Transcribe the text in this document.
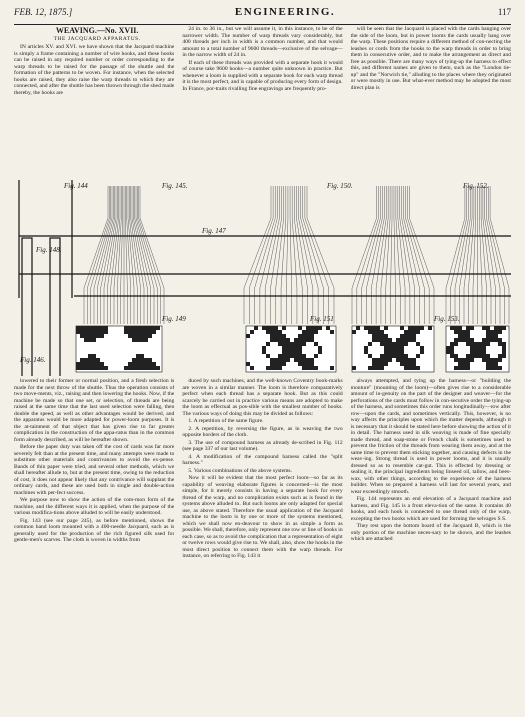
FEB. 12, 1875.]	ENGINEERING.	117

WEAVING.—No. XVII.

THE JACQUARD APPARATUS.

IN articles XV. and XVI. we have shown that the Jacquard machine is simply a frame containing a number of wire hooks, and these hooks can be raised in any required number or order corresponding to the warp threads to be raised for the passage of the shuttle and the formation of the patterns to be woven. For instance, when the selected hooks are raised, they also raise the warp threads to which they are connected, and after the shuttle has been thrown through the shed made thereby, the hooks are

24 in. to 36 in., but we will assume it, in this instance, to be of the narrower width. The number of warp threads vary considerably, but 400 threads per inch in width is a common number, and that would amount to a total number of 9600 threads—exclusive of the selvage—in the narrow width of 24 in.

If each of these threads was provided with a separate hook it would of course take 9600 hooks—a number quite unknown in practice. But whenever a loom is supplied with a separate hook for each warp thread it is the most perfect, and is capable of producing every form of design. In France, por-traits rivalling fine engravings are frequently pro-

will be seen that the Jacquard is placed with the cards hanging over the side of the loom, but in power looms the cards usually hang over the warp. These positions require a different method of con-necting the leashes or cords from the hooks to the warp threads in order to bring them in consecutive order, and to make the arrangement as direct and free as possible. There are many ways of tying-up the harness to effect this, and different names are given to them, such as the "London tie-up" and the "Norwich tie," alluding to the places where they originated or were mostly in use. But what-ever method may be adopted the most direct plan is

Fig. 144	Fig. 145.
Fig. 147
Fig. 148.
Fig. 146.
Fig. 150.	Fig. 152.
Fig. 149	Fig. 151	Fig. 153.

lowered to their former or normal position, and a fresh selection is made for the next throw of the shuttle. Thus the operation consists of two move-ments, viz., raising and then lowering the hooks. Now, if the machine be made so that one set, or selection, of threads are being raised at the same time that the last used selection were falling, then double the speed, as well as other advantages would be derived, and the apparatus would be more adapted for power-loom purposes. It is the at-tainment of that object that has given rise to far greater complication in the construction of the appa-ratus than in the common form already described, as will be hereafter shown.

Before the paper duty was taken off the cost of cards was far more severely felt than at the present time, and many attempts were made to substitute other materials and contrivances to avoid the ex-pense. Bands of thin paper were tried, and several other methods, which we shall hereafter allude to, but at the present time, owing to the reduction of cost, it does not appear likely that any contrivance will supplant the ordinary cards, and these are used both in single and double-action machines with per-fect success.

We purpose now to show the action of the com-mon form of the machine, and the different ways it is applied, when the purpose of the various modifica-tions above alluded to will be easily understood.

Fig. 143 (see our page 245), as before mentioned, shows the common hand loom mounted with a 400-needle Jacquard, such as is generally used for the production of the rich figured silk used for gentle-men's scarves. The cloth is woven in widths from

duced by such machines, and the well-known Coventry book-marks are woven in a similar manner. The loom is therefore comparatively perfect when each thread has a separate hook. But as this could scarcely be carried out in practice various means are adopted to make the loom as effectual as pos-sible with the smallest number of hooks. The various ways of doing this may be divided as follows:

1. A repetition of the same figure.

2. A repetition, by reversing the figure, as in weaving the two opposite borders of the cloth.

3. The use of compound harness as already de-scribed in Fig. 112 (see page 337 of our last volume).

4. A modification of the compound harness called the "split harness."

5. Various combinations of the above systems.

Now it will be evident that the most perfect loom—so far as its capability of weaving elaborate figures is concerned—is the most simple, for it merely consists in having a separate hook for every thread of the warp, and no complication exists such as is found in the systems above alluded to. But such looms are only adapted for special use, as above stated. Therefore the usual application of the Jacquard machine to the loom is by one or more of the systems mentioned, which we shall now en-deavour to show in as simple a form as possible. We shall, therefore, only represent one row or line of hooks in each case, so as to avoid the complication that a representation of eight or twelve rows would give rise to. We shall, also, show the hooks in the most direct position to connect them with the warp threads. For instance, on referring to Fig. 143 it

always attempted, and tying up the harness—or "building the monture" (mounting of the loom)—often gives rise to a considerable amount of in-genuity on the part of the designer and weaver—for the perforations of the cards must follow in con-secutive order the tying-up of the harness, and sometimes this order runs longitudinally—row after row—upon the cards, and sometimes vertically. This, however, is no way affects the principles upon which the matter depends, although it is necessary that it should be stated here before showing the action of it in detail. The harness used in silk weaving is made of fine specially made thread, and soap-stone or French chalk is sometimes used to prevent the friction of the threads from wearing them away, and at the same time to prevent them sticking together, and causing defects in the weav-ing. Strong thread is used in power looms, and it is usually dressed so as to resemble cat-gut. This is effected by dressing or sealing it, the principal ingredients being linseed oil, tallow, and bees-wax, with other things, according to the experience of the harness builder. When so prepared a harness will last for several years, and wear exceedingly smooth.

Fig. 144 represents an end elevation of a Jacquard machine and harness, and Fig. 145 is a front eleva-tion of the same. It contains 40 hooks, and each hook is connected to one thread only of the warp, excepting the two hooks which are used for forming the selvages S S.

They rest upon the bottom board of the Jacquard B, which is the only portion of the machine neces-sary to be shown, and the leashes which are attached
